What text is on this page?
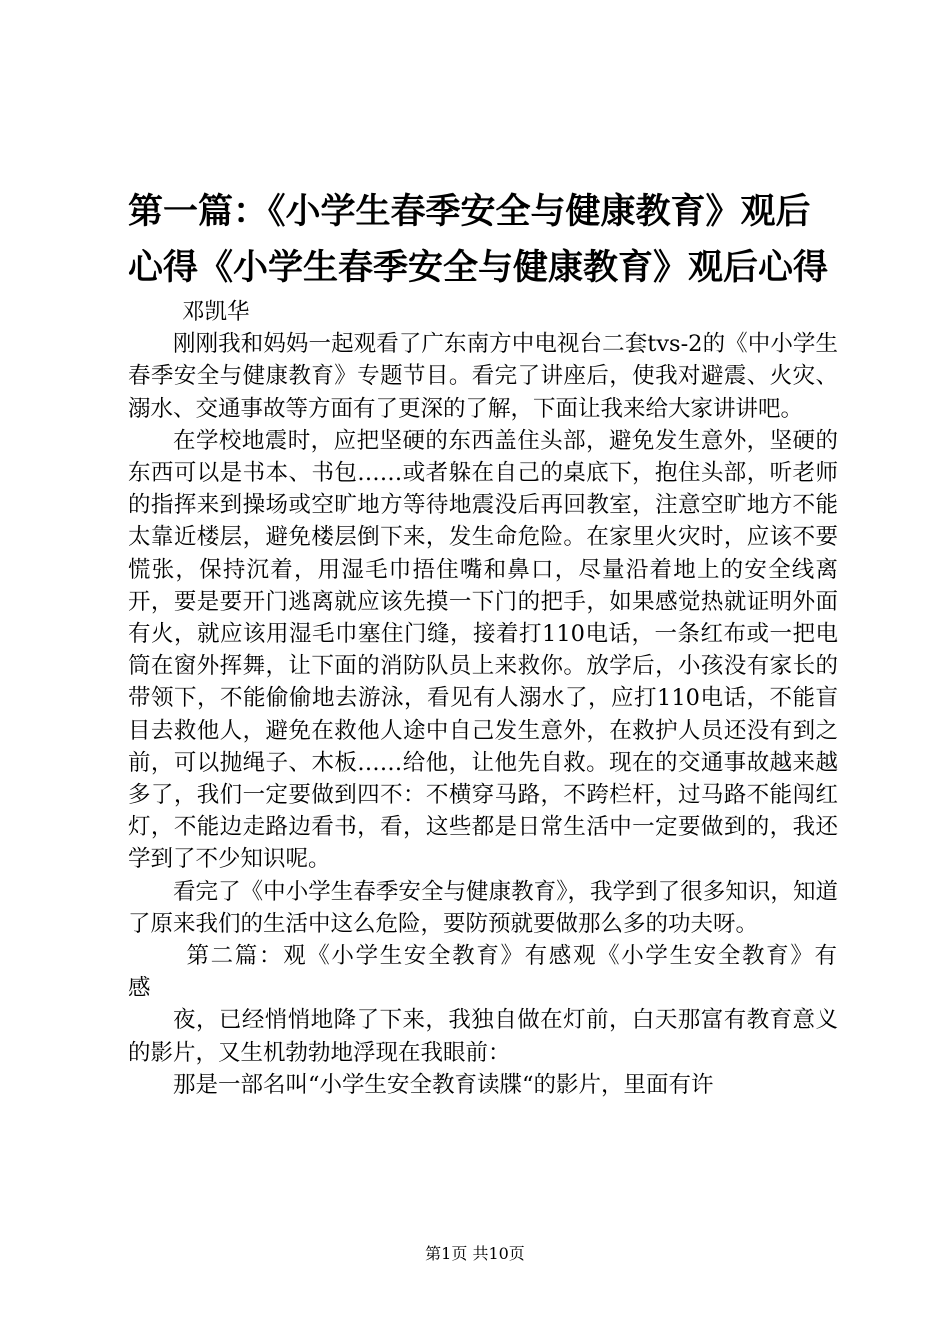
第一篇：《小学生春季安全与健康教育》观后心得《小学生春季安全与健康教育》观后心得

邓凯华

刚刚我和妈妈一起观看了广东南方中电视台二套tvs-2的《中小学生春季安全与健康教育》专题节目。看完了讲座后，使我对避震、火灾、溺水、交通事故等方面有了更深的了解，下面让我来给大家讲讲吧。

在学校地震时，应把坚硬的东西盖住头部，避免发生意外，坚硬的东西可以是书本、书包……或者躲在自己的桌底下，抱住头部，听老师的指挥来到操场或空旷地方等待地震没后再回教室，注意空旷地方不能太靠近楼层，避免楼层倒下来，发生命危险。在家里火灾时，应该不要慌张，保持沉着，用湿毛巾捂住嘴和鼻口，尽量沿着地上的安全线离开，要是要开门逃离就应该先摸一下门的把手，如果感觉热就证明外面有火，就应该用湿毛巾塞住门缝，接着打110电话，一条红布或一把电筒在窗外挥舞，让下面的消防队员上来救你。放学后，小孩没有家长的带领下，不能偷偷地去游泳，看见有人溺水了，应打110电话，不能盲目去救他人，避免在救他人途中自己发生意外，在救护人员还没有到之前，可以抛绳子、木板……给他，让他先自救。现在的交通事故越来越多了，我们一定要做到四不：不横穿马路，不跨栏杆，过马路不能闯红灯，不能边走路边看书，看，这些都是日常生活中一定要做到的，我还学到了不少知识呢。

看完了《中小学生春季安全与健康教育》，我学到了很多知识，知道了原来我们的生活中这么危险，要防预就要做那么多的功夫呀。

第二篇：观《小学生安全教育》有感观《小学生安全教育》有感

夜，已经悄悄地降了下来，我独自做在灯前，白天那富有教育意义的影片，又生机勃勃地浮现在我眼前：

那是一部名叫“小学生安全教育读牒“的影片，里面有许

第1页 共10页
